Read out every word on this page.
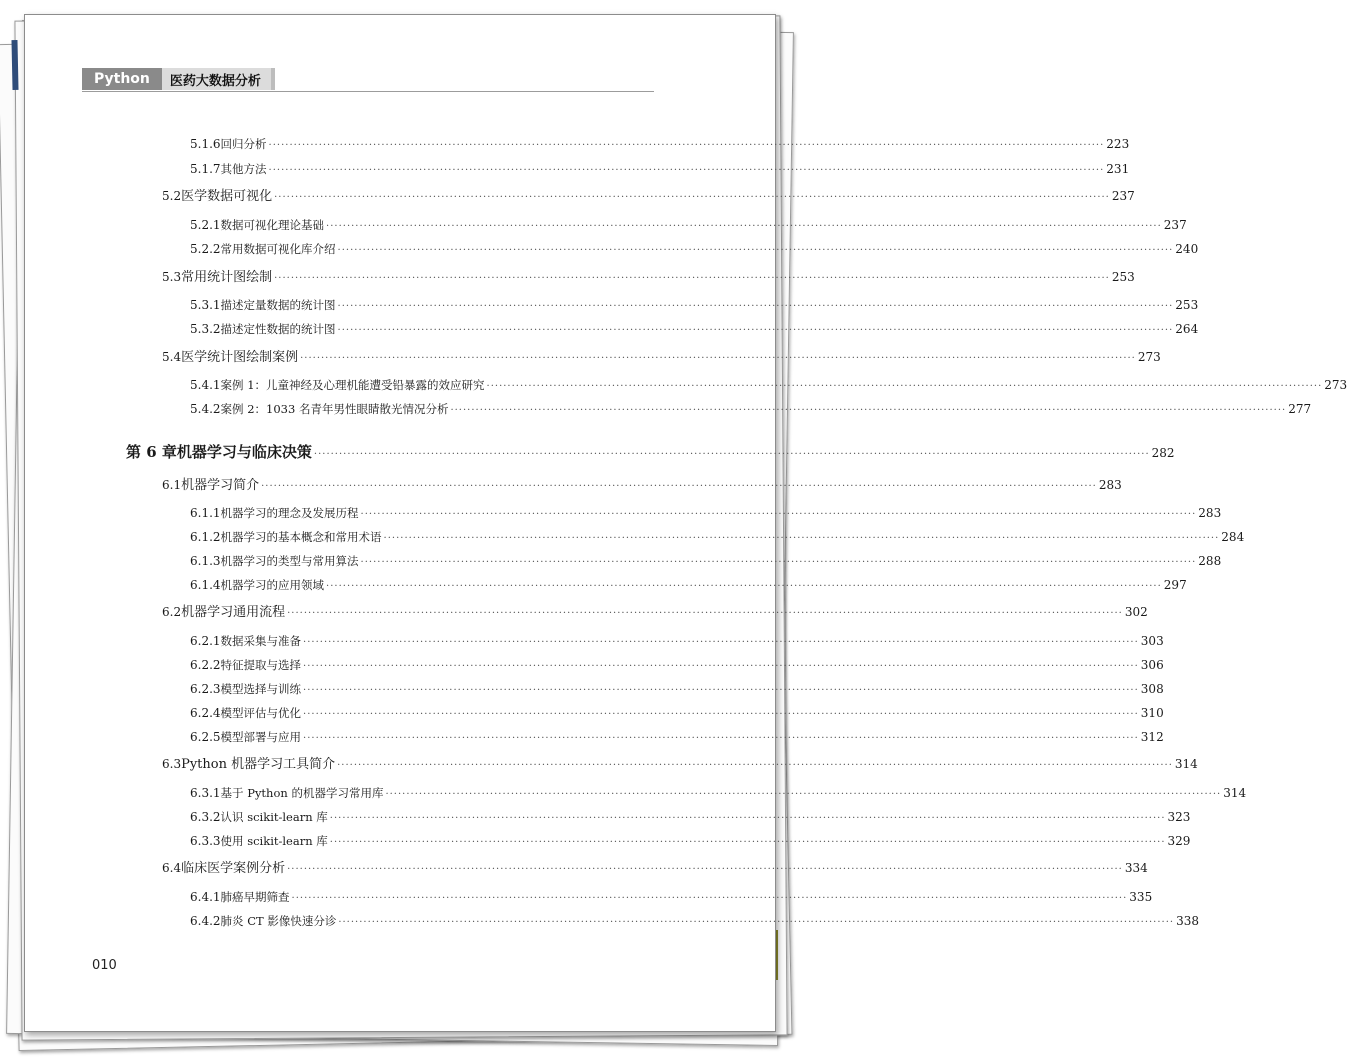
Python	医药大数据分析
5.1.6 回归分析 ········································································································································································································ 223
5.1.7 其他方法 ········································································································································································································ 231
5.2 医学数据可视化 ········································································································································································································ 237
5.2.1 数据可视化理论基础 ········································································································································································································ 237
5.2.2 常用数据可视化库介绍 ········································································································································································································ 240
5.3 常用统计图绘制 ········································································································································································································ 253
5.3.1 描述定量数据的统计图 ········································································································································································································ 253
5.3.2 描述定性数据的统计图 ········································································································································································································ 264
5.4 医学统计图绘制案例 ········································································································································································································ 273
5.4.1 案例 1：儿童神经及心理机能遭受铅暴露的效应研究 ········································································································································································································ 273
5.4.2 案例 2：1033 名青年男性眼睛散光情况分析 ········································································································································································································ 277
第 6 章 机器学习与临床决策 ········································································································································································································ 282
6.1 机器学习简介 ········································································································································································································ 283
6.1.1 机器学习的理念及发展历程 ········································································································································································································ 283
6.1.2 机器学习的基本概念和常用术语 ········································································································································································································ 284
6.1.3 机器学习的类型与常用算法 ········································································································································································································ 288
6.1.4 机器学习的应用领域 ········································································································································································································ 297
6.2 机器学习通用流程 ········································································································································································································ 302
6.2.1 数据采集与准备 ········································································································································································································ 303
6.2.2 特征提取与选择 ········································································································································································································ 306
6.2.3 模型选择与训练 ········································································································································································································ 308
6.2.4 模型评估与优化 ········································································································································································································ 310
6.2.5 模型部署与应用 ········································································································································································································ 312
6.3 Python 机器学习工具简介 ········································································································································································································ 314
6.3.1 基于 Python 的机器学习常用库 ········································································································································································································ 314
6.3.2 认识 scikit-learn 库 ········································································································································································································ 323
6.3.3 使用 scikit-learn 库 ········································································································································································································ 329
6.4 临床医学案例分析 ········································································································································································································ 334
6.4.1 肺癌早期筛查 ········································································································································································································ 335
6.4.2 肺炎 CT 影像快速分诊 ········································································································································································································ 338
010
